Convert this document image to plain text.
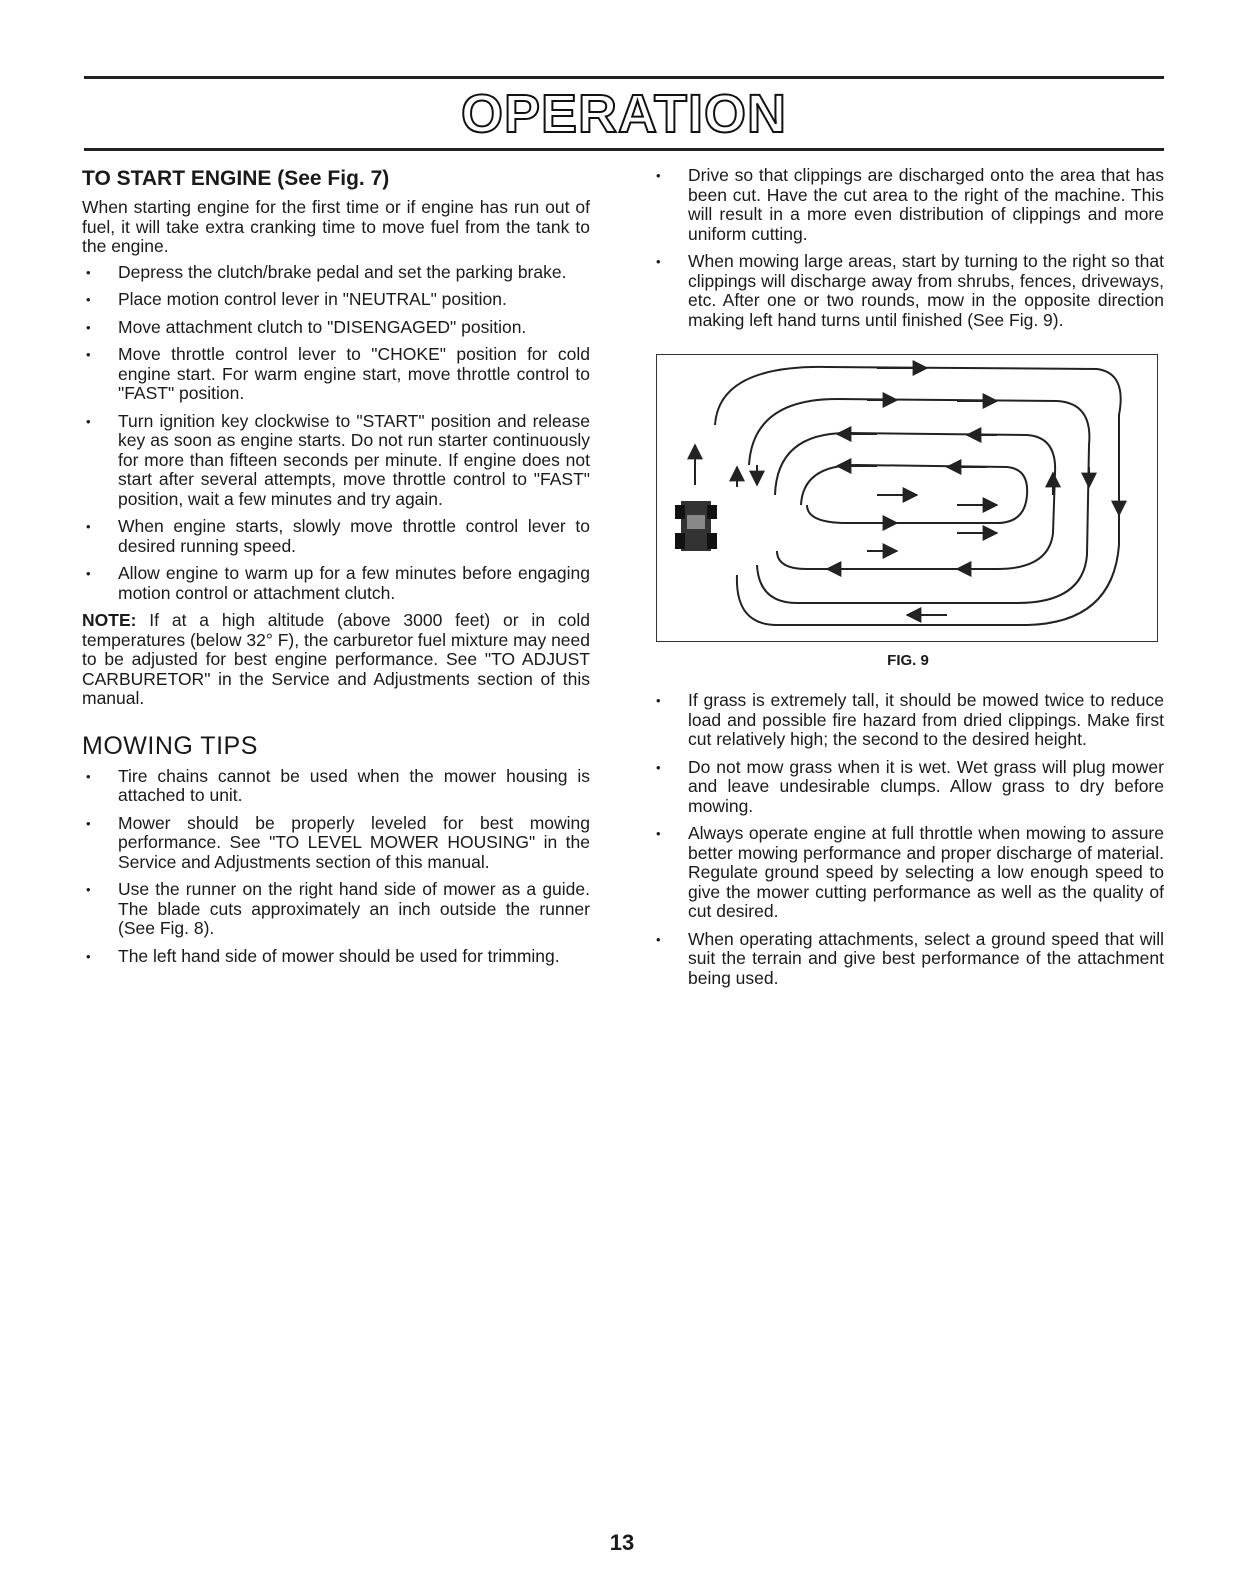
OPERATION
TO START ENGINE (See Fig. 7)

When starting engine for the first time or if engine has run out of fuel, it will take extra cranking time to move fuel from the tank to the engine.

• Depress the clutch/brake pedal and set the parking brake.
• Place motion control lever in "NEUTRAL" position.
• Move attachment clutch to "DISENGAGED" position.
• Move throttle control lever to "CHOKE" position for cold engine start. For warm engine start, move throttle control to "FAST" position.
• Turn ignition key clockwise to "START" position and release key as soon as engine starts. Do not run starter continuously for more than fifteen seconds per minute. If engine does not start after several attempts, move throttle control to "FAST" position, wait a few minutes and try again.
• When engine starts, slowly move throttle control lever to desired running speed.
• Allow engine to warm up for a few minutes before engaging motion control or attachment clutch.

NOTE: If at a high altitude (above 3000 feet) or in cold temperatures (below 32° F), the carburetor fuel mixture may need to be adjusted for best engine performance. See "TO ADJUST CARBURETOR" in the Service and Adjustments section of this manual.

MOWING TIPS
• Tire chains cannot be used when the mower housing is attached to unit.
• Mower should be properly leveled for best mowing performance. See "TO LEVEL MOWER HOUSING" in the Service and Adjustments section of this manual.
• Use the runner on the right hand side of mower as a guide. The blade cuts approximately an inch outside the runner (See Fig. 8).
• The left hand side of mower should be used for trimming.
• Drive so that clippings are discharged onto the area that has been cut. Have the cut area to the right of the machine. This will result in a more even distribution of clippings and more uniform cutting.
• When mowing large areas, start by turning to the right so that clippings will discharge away from shrubs, fences, driveways, etc. After one or two rounds, mow in the opposite direction making left hand turns until finished (See Fig. 9).
FIG. 9
• If grass is extremely tall, it should be mowed twice to reduce load and possible fire hazard from dried clippings. Make first cut relatively high; the second to the desired height.
• Do not mow grass when it is wet. Wet grass will plug mower and leave undesirable clumps. Allow grass to dry before mowing.
• Always operate engine at full throttle when mowing to assure better mowing performance and proper discharge of material. Regulate ground speed by selecting a low enough speed to give the mower cutting performance as well as the quality of cut desired.
• When operating attachments, select a ground speed that will suit the terrain and give best performance of the attachment being used.
13
